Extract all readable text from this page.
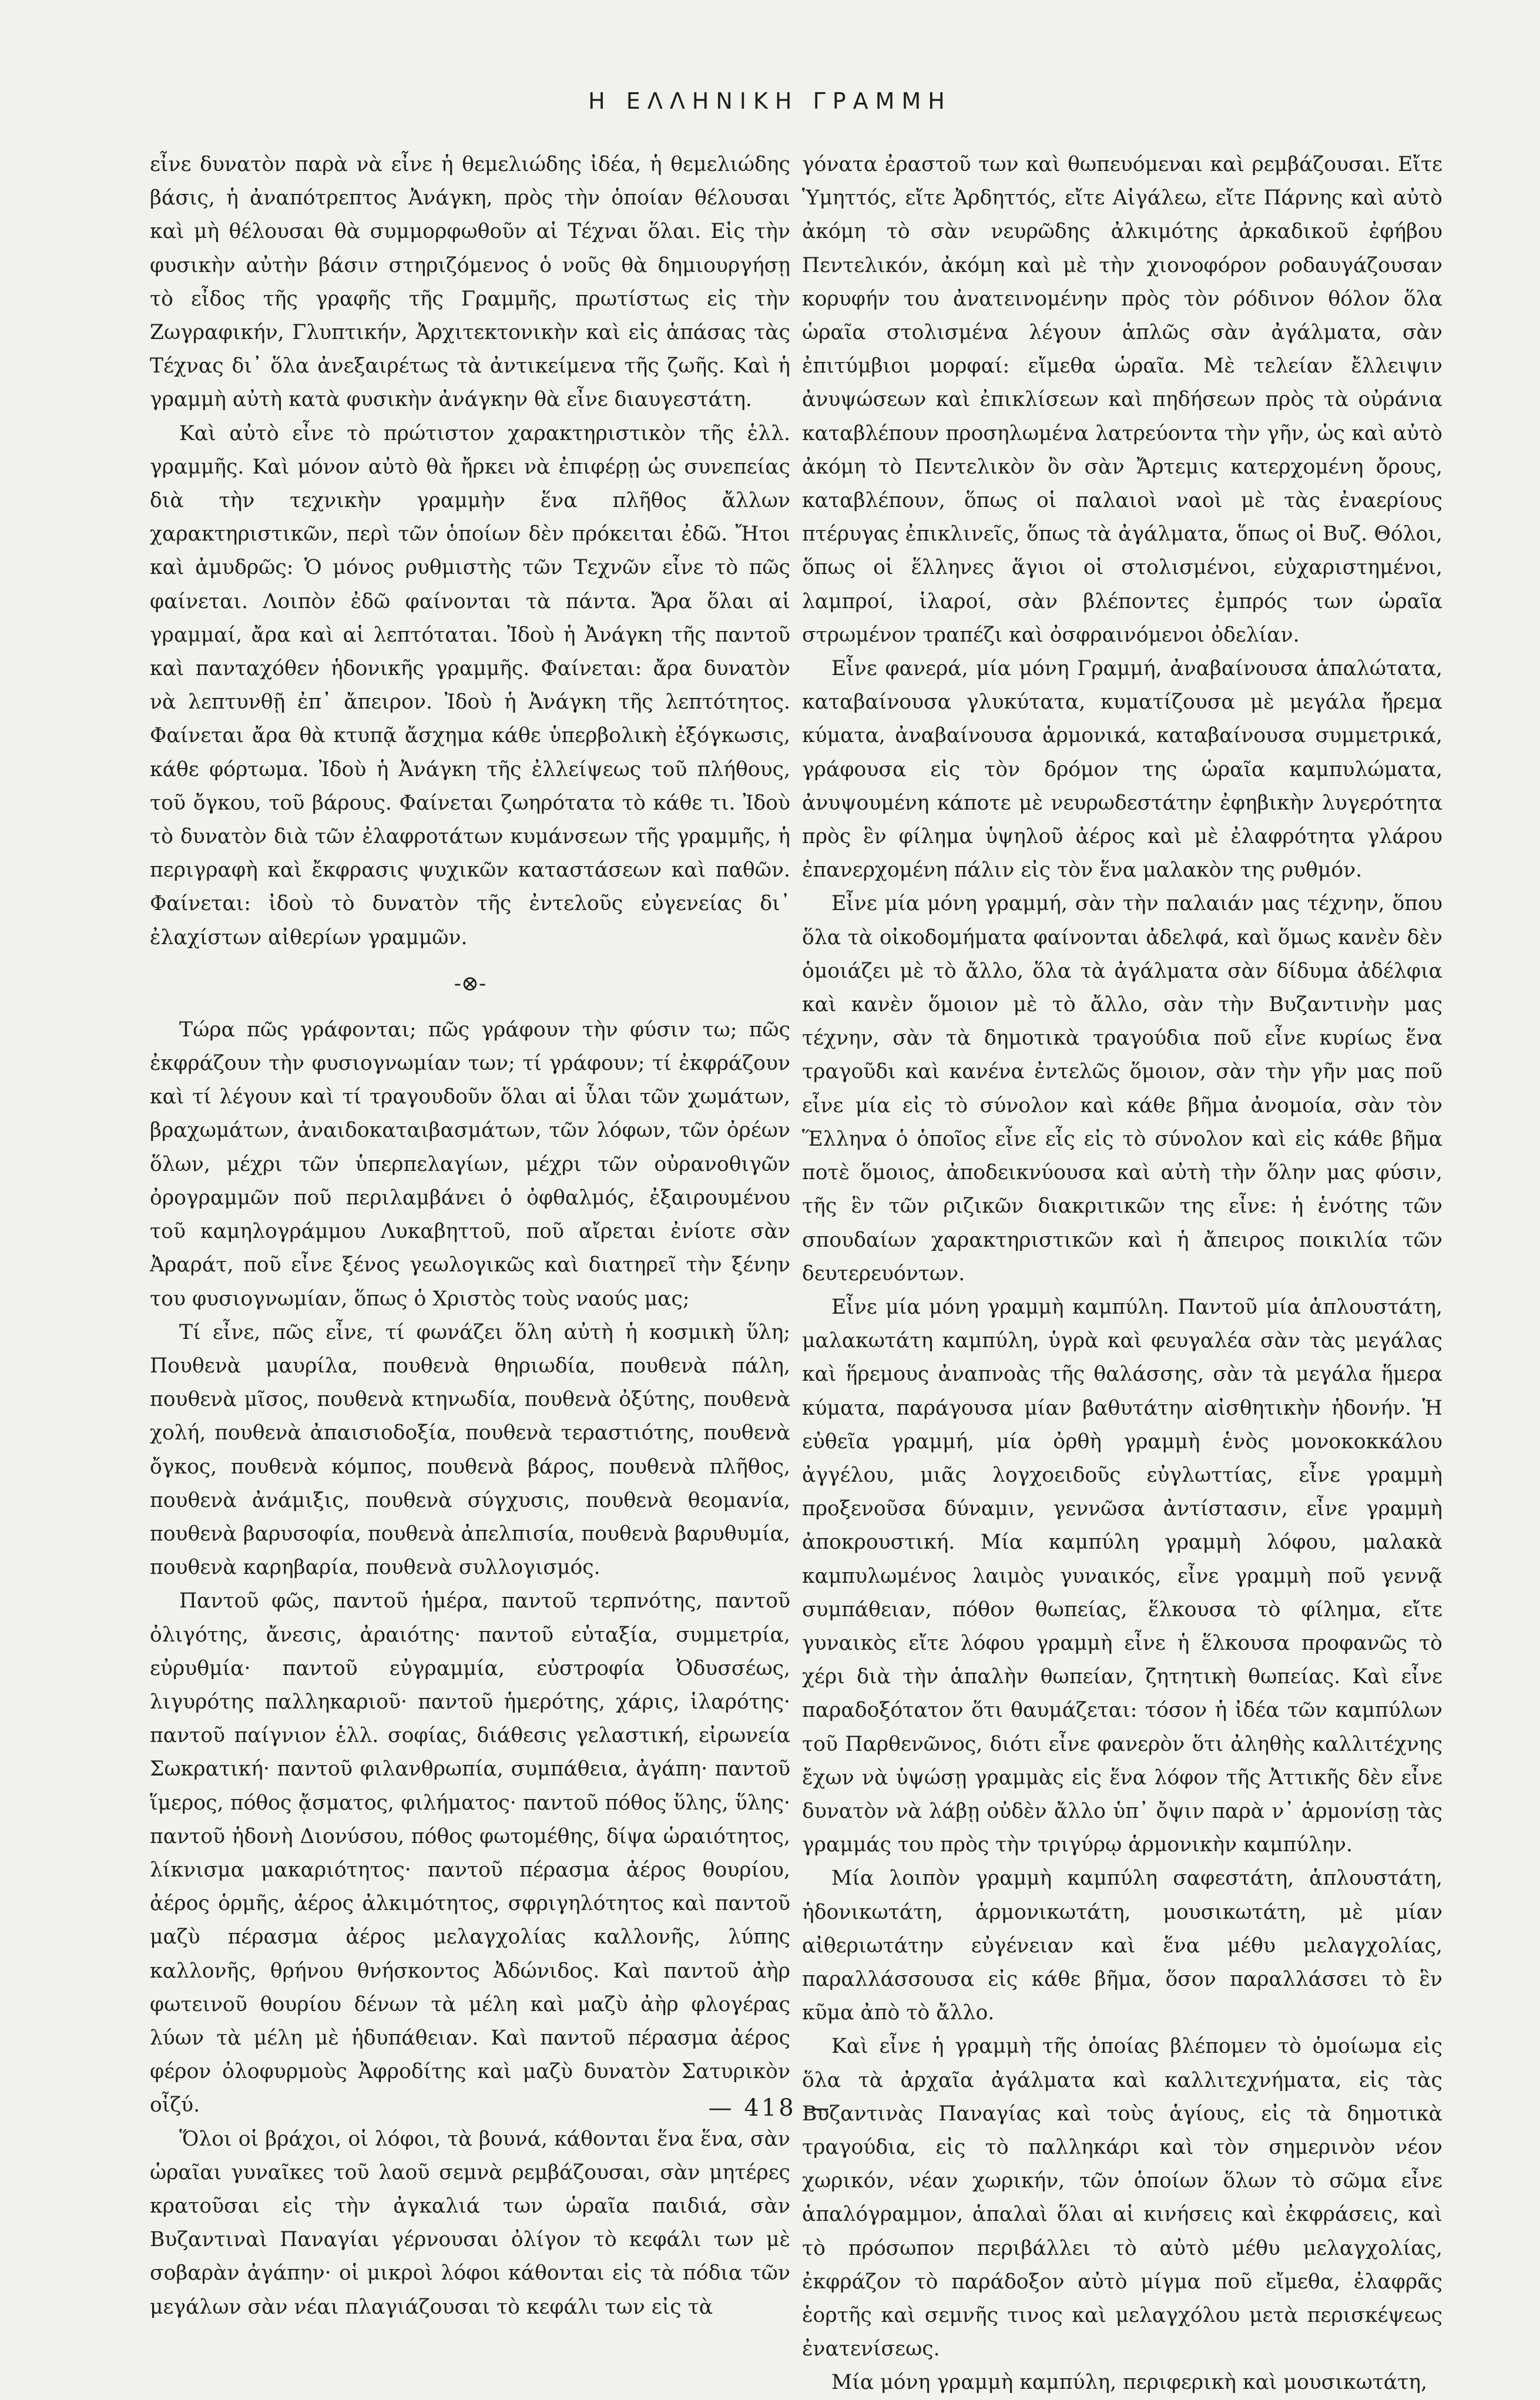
Η ΕΛΛΗΝΙΚΗ ΓΡΑΜΜΗ

εἶνε δυνατὸν παρὰ νὰ εἶνε ἡ θεμελιώδης ἰδέα, ἡ θεμελιώδης βάσις, ἡ ἀναπότρεπτος Ἀνάγκη, πρὸς τὴν ὁποίαν θέλουσαι καὶ μὴ θέλουσαι θὰ συμμορφωθοῦν αἱ Τέχναι ὅλαι. Εἰς τὴν φυσικὴν αὐτὴν βάσιν στηριζόμενος ὁ νοῦς θὰ δημιουργήσῃ τὸ εἶδος τῆς γραφῆς τῆς Γραμμῆς, πρωτίστως εἰς τὴν Ζωγραφικήν, Γλυπτικήν, Ἀρχιτεκτονικὴν καὶ εἰς ἁπάσας τὰς Τέχνας δι᾽ ὅλα ἀνεξαιρέτως τὰ ἀντικείμενα τῆς ζωῆς. Καὶ ἡ γραμμὴ αὐτὴ κατὰ φυσικὴν ἀνάγκην θὰ εἶνε διαυγεστάτη.

Καὶ αὐτὸ εἶνε τὸ πρώτιστον χαρακτηριστικὸν τῆς ἑλλ. γραμμῆς. Καὶ μόνον αὐτὸ θὰ ἤρκει νὰ ἐπιφέρῃ ὡς συνεπείας διὰ τὴν τεχνικὴν γραμμὴν ἕνα πλῆθος ἄλλων χαρακτηριστικῶν, περὶ τῶν ὁποίων δὲν πρόκειται ἐδῶ. Ἤτοι καὶ ἀμυδρῶς: Ὁ μόνος ρυθμιστὴς τῶν Τεχνῶν εἶνε τὸ πῶς φαίνεται. Λοιπὸν ἐδῶ φαίνονται τὰ πάντα. Ἄρα ὅλαι αἱ γραμμαί, ἄρα καὶ αἱ λεπτόταται. Ἰδοὺ ἡ Ἀνάγκη τῆς παντοῦ καὶ πανταχόθεν ἡδονικῆς γραμμῆς. Φαίνεται: ἄρα δυνατὸν νὰ λεπτυνθῇ ἐπ᾽ ἄπειρον. Ἰδοὺ ἡ Ἀνάγκη τῆς λεπτότητος. Φαίνεται ἄρα θὰ κτυπᾷ ἄσχημα κάθε ὑπερβολικὴ ἐξόγκωσις, κάθε φόρτωμα. Ἰδοὺ ἡ Ἀνάγκη τῆς ἐλλείψεως τοῦ πλήθους, τοῦ ὄγκου, τοῦ βάρους. Φαίνεται ζωηρότατα τὸ κάθε τι. Ἰδοὺ τὸ δυνατὸν διὰ τῶν ἐλαφροτάτων κυμάνσεων τῆς γραμμῆς, ἡ περιγραφὴ καὶ ἔκφρασις ψυχικῶν καταστάσεων καὶ παθῶν. Φαίνεται: ἰδοὺ τὸ δυνατὸν τῆς ἐντελοῦς εὐγενείας δι᾽ ἐλαχίστων αἰθερίων γραμμῶν.

-⊗-

Τώρα πῶς γράφονται; πῶς γράφουν τὴν φύσιν τω; πῶς ἐκφράζουν τὴν φυσιογνωμίαν των; τί γράφουν; τί ἐκφράζουν καὶ τί λέγουν καὶ τί τραγουδοῦν ὅλαι αἱ ὗλαι τῶν χωμάτων, βραχωμάτων, ἀναιδοκαταιβασμάτων, τῶν λόφων, τῶν ὀρέων ὅλων, μέχρι τῶν ὑπερπελαγίων, μέχρι τῶν οὐρανοθιγῶν ὀρογραμμῶν ποῦ περιλαμβάνει ὁ ὀφθαλμός, ἐξαιρουμένου τοῦ καμηλογράμμου Λυκαβηττοῦ, ποῦ αἴρεται ἐνίοτε σὰν Ἀραράτ, ποῦ εἶνε ξένος γεωλογικῶς καὶ διατηρεῖ τὴν ξένην του φυσιογνωμίαν, ὅπως ὁ Χριστὸς τοὺς ναούς μας;

Τί εἶνε, πῶς εἶνε, τί φωνάζει ὅλη αὐτὴ ἡ κοσμικὴ ὕλη; Πουθενὰ μαυρίλα, πουθενὰ θηριωδία, πουθενὰ πάλη, πουθενὰ μῖσος, πουθενὰ κτηνωδία, πουθενὰ ὀξύτης, πουθενὰ χολή, πουθενὰ ἀπαισιοδοξία, πουθενὰ τεραστιότης, πουθενὰ ὄγκος, πουθενὰ κόμπος, πουθενὰ βάρος, πουθενὰ πλῆθος, πουθενὰ ἀνάμιξις, πουθενὰ σύγχυσις, πουθενὰ θεομανία, πουθενὰ βαρυσοφία, πουθενὰ ἀπελπισία, πουθενὰ βαρυθυμία, πουθενὰ καρηβαρία, πουθενὰ συλλογισμός.

Παντοῦ φῶς, παντοῦ ἡμέρα, παντοῦ τερπνότης, παντοῦ ὀλιγότης, ἄνεσις, ἀραιότης· παντοῦ εὐταξία, συμμετρία, εὐρυθμία· παντοῦ εὐγραμμία, εὐστροφία Ὀδυσσέως, λιγυρότης παλληκαριοῦ· παντοῦ ἡμερότης, χάρις, ἱλαρότης· παντοῦ παίγνιον ἑλλ. σοφίας, διάθεσις γελαστική, εἰρωνεία Σωκρατική· παντοῦ φιλανθρωπία, συμπάθεια, ἀγάπη· παντοῦ ἵμερος, πόθος ᾄσματος, φιλήματος· παντοῦ πόθος ὕλης, ὕλης· παντοῦ ἡδονὴ Διονύσου, πόθος φωτομέθης, δίψα ὡραιότητος, λίκνισμα μακαριότητος· παντοῦ πέρασμα ἀέρος θουρίου, ἀέρος ὁρμῆς, ἀέρος ἀλκιμότητος, σφριγηλότητος καὶ παντοῦ μαζὺ πέρασμα ἀέρος μελαγχολίας καλλονῆς, λύπης καλλονῆς, θρήνου θνήσκοντος Ἀδώνιδος. Καὶ παντοῦ ἀὴρ φωτεινοῦ θουρίου δένων τὰ μέλη καὶ μαζὺ ἀὴρ φλογέρας λύων τὰ μέλη μὲ ἡδυπάθειαν. Καὶ παντοῦ πέρασμα ἀέρος φέρον ὀλοφυρμοὺς Ἀφροδίτης καὶ μαζὺ δυνατὸν Σατυρικὸν οἶζύ.

Ὅλοι οἱ βράχοι, οἱ λόφοι, τὰ βουνά, κάθονται ἕνα ἕνα, σὰν ὡραῖαι γυναῖκες τοῦ λαοῦ σεμνὰ ρεμβάζουσαι, σὰν μητέρες κρατοῦσαι εἰς τὴν ἀγκαλιά των ὡραῖα παιδιά, σὰν Βυζαντιναὶ Παναγίαι γέρνουσαι ὀλίγον τὸ κεφάλι των μὲ σοβαρὰν ἀγάπην· οἱ μικροὶ λόφοι κάθονται εἰς τὰ πόδια τῶν μεγάλων σὰν νέαι πλαγιάζουσαι τὸ κεφάλι των εἰς τὰ

γόνατα ἐραστοῦ των καὶ θωπευόμεναι καὶ ρεμβάζουσαι. Εἴτε Ὑμηττός, εἴτε Ἀρδηττός, εἴτε Αἰγάλεω, εἴτε Πάρνης καὶ αὐτὸ ἀκόμη τὸ σὰν νευρῶδης ἀλκιμότης ἀρκαδικοῦ ἐφήβου Πεντελικόν, ἀκόμη καὶ μὲ τὴν χιονοφόρον ροδαυγάζουσαν κορυφήν του ἀνατεινομένην πρὸς τὸν ρόδινον θόλον ὅλα ὡραῖα στολισμένα λέγουν ἁπλῶς σὰν ἀγάλματα, σὰν ἐπιτύμβιοι μορφαί: εἴμεθα ὡραῖα. Μὲ τελείαν ἔλλειψιν ἀνυψώσεων καὶ ἐπικλίσεων καὶ πηδήσεων πρὸς τὰ οὐράνια καταβλέπουν προσηλωμένα λατρεύοντα τὴν γῆν, ὡς καὶ αὐτὸ ἀκόμη τὸ Πεντελικὸν ὂν σὰν Ἄρτεμις κατερχομένη ὄρους, καταβλέπουν, ὅπως οἱ παλαιοὶ ναοὶ μὲ τὰς ἐναερίους πτέρυγας ἐπικλινεῖς, ὅπως τὰ ἀγάλματα, ὅπως οἱ Βυζ. Θόλοι, ὅπως οἱ ἕλληνες ἅγιοι οἱ στολισμένοι, εὐχαριστημένοι, λαμπροί, ἱλαροί, σὰν βλέποντες ἐμπρός των ὡραῖα στρωμένον τραπέζι καὶ ὀσφραινόμενοι ὀδελίαν.

Εἶνε φανερά, μία μόνη Γραμμή, ἀναβαίνουσα ἁπαλώτατα, καταβαίνουσα γλυκύτατα, κυματίζουσα μὲ μεγάλα ἤρεμα κύματα, ἀναβαίνουσα ἁρμονικά, καταβαίνουσα συμμετρικά, γράφουσα εἰς τὸν δρόμον της ὡραῖα καμπυλώματα, ἀνυψουμένη κάποτε μὲ νευρωδεστάτην ἐφηβικὴν λυγερότητα πρὸς ἓν φίλημα ὑψηλοῦ ἀέρος καὶ μὲ ἐλαφρότητα γλάρου ἐπανερχομένη πάλιν εἰς τὸν ἕνα μαλακὸν της ρυθμόν.

Εἶνε μία μόνη γραμμή, σὰν τὴν παλαιάν μας τέχνην, ὅπου ὅλα τὰ οἰκοδομήματα φαίνονται ἀδελφά, καὶ ὅμως κανὲν δὲν ὁμοιάζει μὲ τὸ ἄλλο, ὅλα τὰ ἀγάλματα σὰν δίδυμα ἀδέλφια καὶ κανὲν ὅμοιον μὲ τὸ ἄλλο, σὰν τὴν Βυζαντινὴν μας τέχνην, σὰν τὰ δημοτικὰ τραγούδια ποῦ εἶνε κυρίως ἕνα τραγοῦδι καὶ κανένα ἐντελῶς ὅμοιον, σὰν τὴν γῆν μας ποῦ εἶνε μία εἰς τὸ σύνολον καὶ κάθε βῆμα ἀνομοία, σὰν τὸν Ἕλληνα ὁ ὁποῖος εἶνε εἷς εἰς τὸ σύνολον καὶ εἰς κάθε βῆμα ποτὲ ὅμοιος, ἀποδεικνύουσα καὶ αὐτὴ τὴν ὅλην μας φύσιν, τῆς ἓν τῶν ριζικῶν διακριτικῶν της εἶνε: ἡ ἑνότης τῶν σπουδαίων χαρακτηριστικῶν καὶ ἡ ἄπειρος ποικιλία τῶν δευτερευόντων.

Εἶνε μία μόνη γραμμὴ καμπύλη. Παντοῦ μία ἁπλουστάτη, μαλακωτάτη καμπύλη, ὑγρὰ καὶ φευγαλέα σὰν τὰς μεγάλας καὶ ἥρεμους ἀναπνοὰς τῆς θαλάσσης, σὰν τὰ μεγάλα ἥμερα κύματα, παράγουσα μίαν βαθυτάτην αἰσθητικὴν ἡδονήν. Ἡ εὐθεῖα γραμμή, μία ὀρθὴ γραμμὴ ἑνὸς μονοκοκκάλου ἀγγέλου, μιᾶς λογχοειδοῦς εὐγλωττίας, εἶνε γραμμὴ προξενοῦσα δύναμιν, γεννῶσα ἀντίστασιν, εἶνε γραμμὴ ἀποκρουστική. Μία καμπύλη γραμμὴ λόφου, μαλακὰ καμπυλωμένος λαιμὸς γυναικός, εἶνε γραμμὴ ποῦ γεννᾷ συμπάθειαν, πόθον θωπείας, ἕλκουσα τὸ φίλημα, εἴτε γυναικὸς εἴτε λόφου γραμμὴ εἶνε ἡ ἕλκουσα προφανῶς τὸ χέρι διὰ τὴν ἁπαλὴν θωπείαν, ζητητικὴ θωπείας. Καὶ εἶνε παραδοξότατον ὅτι θαυμάζεται: τόσον ἡ ἰδέα τῶν καμπύλων τοῦ Παρθενῶνος, διότι εἶνε φανερὸν ὅτι ἀληθὴς καλλιτέχνης ἔχων νὰ ὑψώσῃ γραμμὰς εἰς ἕνα λόφον τῆς Ἀττικῆς δὲν εἶνε δυνατὸν νὰ λάβῃ οὐδὲν ἄλλο ὑπ᾽ ὄψιν παρὰ ν᾽ ἁρμονίσῃ τὰς γραμμάς του πρὸς τὴν τριγύρῳ ἁρμονικὴν καμπύλην.

Μία λοιπὸν γραμμὴ καμπύλη σαφεστάτη, ἁπλουστάτη, ἡδονικωτάτη, ἁρμονικωτάτη, μουσικωτάτη, μὲ μίαν αἰθεριωτάτην εὐγένειαν καὶ ἕνα μέθυ μελαγχολίας, παραλλάσσουσα εἰς κάθε βῆμα, ὅσον παραλλάσσει τὸ ἓν κῦμα ἀπὸ τὸ ἄλλο.

Καὶ εἶνε ἡ γραμμὴ τῆς ὁποίας βλέπομεν τὸ ὁμοίωμα εἰς ὅλα τὰ ἀρχαῖα ἀγάλματα καὶ καλλιτεχνήματα, εἰς τὰς Βυζαντινὰς Παναγίας καὶ τοὺς ἁγίους, εἰς τὰ δημοτικὰ τραγούδια, εἰς τὸ παλληκάρι καὶ τὸν σημερινὸν νέον χωρικόν, νέαν χωρικήν, τῶν ὁποίων ὅλων τὸ σῶμα εἶνε ἁπαλόγραμμον, ἁπαλαὶ ὅλαι αἱ κινήσεις καὶ ἐκφράσεις, καὶ τὸ πρόσωπον περιβάλλει τὸ αὐτὸ μέθυ μελαγχολίας, ἐκφράζον τὸ παράδοξον αὐτὸ μίγμα ποῦ εἴμεθα, ἐλαφρᾶς ἑορτῆς καὶ σεμνῆς τινος καὶ μελαγχόλου μετὰ περισκέψεως ἐνατενίσεως.

Μία μόνη γραμμὴ καμπύλη, περιφερικὴ καὶ μουσικωτάτη,

— 418 —
